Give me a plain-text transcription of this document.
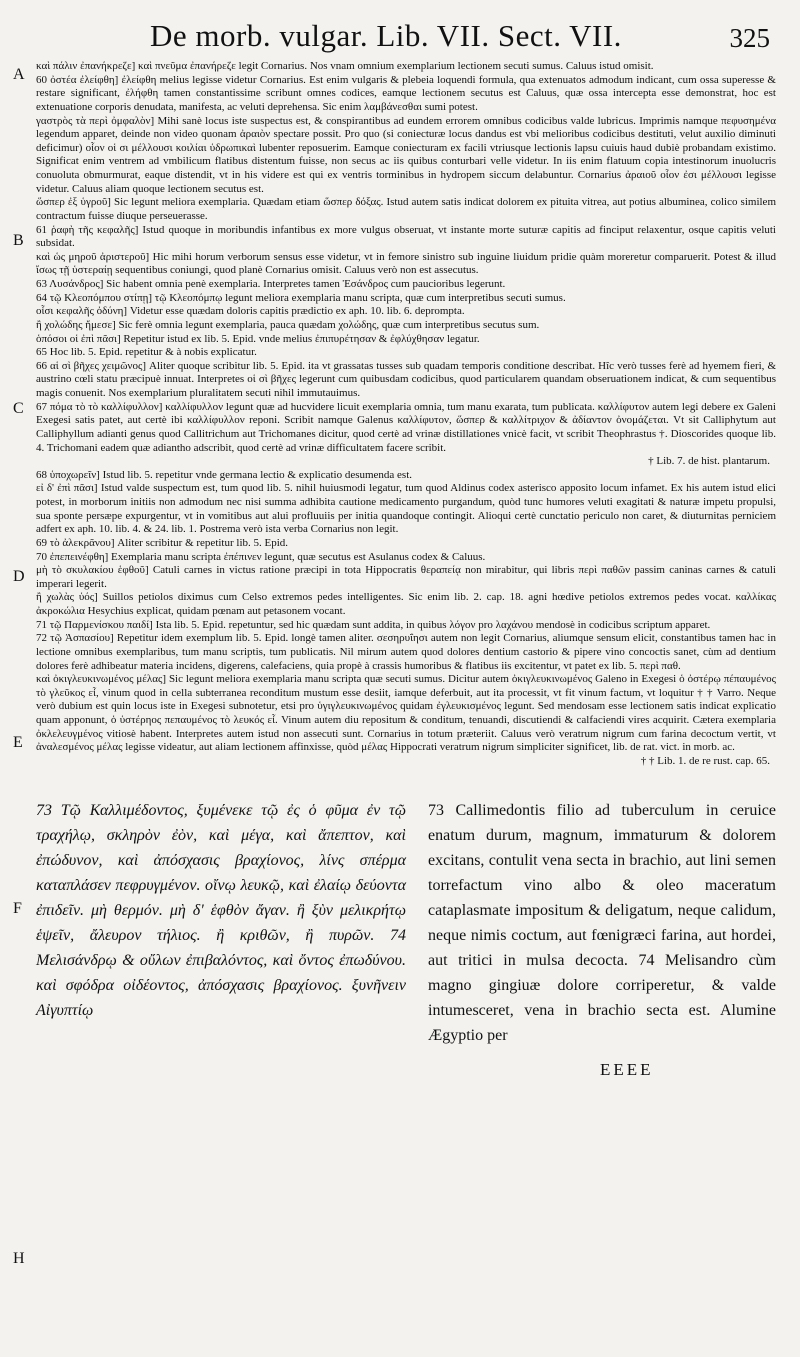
De morb. vulgar. Lib. VII. Sect. VII.	325
A
B
C
D
E
F
H

καὶ πάλιν ἐπανήκρεζε] καὶ πνεῦμα ἐπανήρεζε legit Cornarius. Nos vnam omnium exemplarium lectionem secuti sumus. Caluus istud omisit.

60 ὀστέα ἐλείφθη] ἐλείφθη melius legisse videtur Cornarius. Est enim vulgaris & plebeia loquendi formula, qua extenuatos admodum indicant, cum ossa superesse & restare significant, ἐλήφθη tamen constantissime scribunt omnes codices, eamque lectionem secutus est Caluus, quæ ossa intercepta esse demonstrat, hoc est extenuatione corporis denudata, manifesta, ac veluti deprehensa. Sic enim λαμβάνεσθαι sumi potest.

γαστρὸς τὰ περὶ ὀμφαλὸν] Mihi sanè locus iste suspectus est, & conspirantibus ad eundem errorem omnibus codicibus valde lubricus. Imprimis namque πεφυσημένα legendum apparet, deinde non video quonam ἀραιὸν spectare possit. Pro quo (si coniecturæ locus dandus est vbi melioribus codicibus destituti, velut auxilio diminuti deficimur) οἷον οἱ σι μέλλουσι κοιλίαι ὑδρωπικαὶ lubenter reposuerim. Eamque coniecturam ex facili vtriusque lectionis lapsu cuiuis haud dubiè probandam existimo. Significat enim ventrem ad vmbilicum flatibus distentum fuisse, non secus ac iis quibus conturbari velle videtur. In iis enim flatuum copia intestinorum inuolucris conuoluta obmurmurat, eaque distendit, vt in his videre est qui ex ventris torminibus in hydropem siccum delabuntur. Cornarius ἀραιοῦ οἷον ἐσι μέλλουσι legisse videtur. Caluus aliam quoque lectionem secutus est.

ὥσπερ ἐξ ὑγροῦ] Sic legunt meliora exemplaria. Quædam etiam ὥσπερ δόξας. Istud autem satis indicat dolorem ex pituita vitrea, aut potius albuminea, colico similem contractum fuisse diuque perseuerasse.

61 ῥαφὴ τῆς κεφαλῆς] Istud quoque in moribundis infantibus ex more vulgus obseruat, vt instante morte suturæ capitis ad finciput relaxentur, osque capitis veluti subsidat.

καὶ ὡς μηροῦ ἀριστεροῦ] Hic mihi horum verborum sensus esse videtur, vt in femore sinistro sub inguine liuidum pridie quàm moreretur comparuerit. Potest & illud ἴσως τῇ ὑστεραίῃ sequentibus coniungi, quod planè Cornarius omisit. Caluus verò non est assecutus.

63 Λυσάνδρος] Sic habent omnia penè exemplaria. Interpretes tamen Ἐσάνδρος cum paucioribus legerunt.

64 τῷ Κλεοπόμπου στίπῃ] τῷ Κλεοπόμπῳ legunt meliora exemplaria manu scripta, quæ cum interpretibus secuti sumus.

οἷσι κεφαλῆς ὀδύνη] Videtur esse quædam doloris capitis prædictio ex aph. 10. lib. 6. deprompta.

ἢ χολώδης ἤμεσε] Sic ferè omnia legunt exemplaria, pauca quædam χολώδης, quæ cum interpretibus secutus sum.

ὁπόσοι οἱ ἐπὶ πᾶσι] Repetitur istud ex lib. 5. Epid. vnde melius ἐπιπυρέτησαν & ἐφλύχθησαν legatur.

65 Hoc lib. 5. Epid. repetitur & à nobis explicatur.

66 αἱ σὶ βῆχες χειμῶνος] Aliter quoque scribitur lib. 5. Epid. ita vt grassatas tusses sub quadam temporis conditione describat. Hîc verò tusses ferè ad hyemem fieri, & austrino cœli statu præcipuè innuat. Interpretes οἱ σὶ βῆχες legerunt cum quibusdam codicibus, quod particularem quandam obseruationem indicat, & cum sequentibus magis conuenit. Nos exemplarium pluralitatem secuti nihil immutauimus.

67 πόμα τὸ τὸ καλλίφυλλον] καλλίφυλλον legunt quæ ad hucvidere licuit exemplaria omnia, tum manu exarata, tum publicata. καλλίφυτον autem legi debere ex Galeni Exegesi satis patet, aut certè ibi καλλίφυλλον reponi. Scribit namque Galenus καλλίφυτον, ὥσπερ & καλλίτριχον & ἀδίαντον ὀνομάζεται. Vt sit Calliphytum aut Calliphyllum adianti genus quod Callitrichum aut Trichomanes dicitur, quod certè ad vrinæ distillationes vnicè facit, vt scribit Theophrastus †. Dioscorides quoque lib. 4. Trichomani eadem quæ adiantho adscribit, quod certè ad vrinæ difficultatem facere scribit.

† Lib. 7. de hist. plantarum.

68 ὑποχωρεῖν] Istud lib. 5. repetitur vnde germana lectio & explicatio desumenda est.

εἰ δ' ἐπὶ πᾶσι] Istud valde suspectum est, tum quod lib. 5. nihil huiusmodi legatur, tum quod Aldinus codex asterisco apposito locum infamet. Ex his autem istud elici potest, in morborum initiis non admodum nec nisi summa adhibita cautione medicamento purgandum, quòd tunc humores veluti exagitati & naturæ impetu propulsi, sua sponte persæpe expurgentur, vt in vomitibus aut alui profluuiis per initia quandoque contingit. Alioqui certè cunctatio periculo non caret, & diuturnitas perniciem adfert ex aph. 10. lib. 4. & 24. lib. 1. Postrema verò ista verba Cornarius non legit.

69 τὸ ἀλεκρᾶνου] Aliter scribitur & repetitur lib. 5. Epid.

70 ἐπεπεινέφθη] Exemplaria manu scripta ἐπέπινεν legunt, quæ secutus est Asulanus codex & Caluus.

μὴ τὸ σκυλακίου ἑφθοῦ] Catuli carnes in victus ratione præcipi in tota Hippocratis θεραπείᾳ non mirabitur, qui libris περὶ παθῶν passim caninas carnes & catuli imperari legerit.

ἢ χωλὰς ὑός] Suillos petiolos diximus cum Celso extremos pedes intelligentes. Sic enim lib. 2. cap. 18. agni hœdive petiolos extremos pedes vocat. καλλίκας ἀκροκώλια Hesychius explicat, quidam pœnam aut petasonem vocant.

71 τῷ Παρμενίσκου παιδί] Ista lib. 5. Epid. repetuntur, sed hic quædam sunt addita, in quibus λόγον pro λαχάνου mendosè in codicibus scriptum apparet.

72 τῷ Ἀσπασίου] Repetitur idem exemplum lib. 5. Epid. longè tamen aliter. σεσηρυΐησι autem non legit Cornarius, aliumque sensum elicit, constantibus tamen hac in lectione omnibus exemplaribus, tum manu scriptis, tum publicatis. Nil mirum autem quod dolores dentium castorio & pipere vino concoctis sanet, cùm ad dentium dolores ferè adhibeatur materia incidens, digerens, calefaciens, quia propè à crassis humoribus & flatibus iis excitentur, vt patet ex lib. 5. περὶ παθ.

καὶ ὀκιγλευκινωμένος μέλας] Sic legunt meliora exemplaria manu scripta quæ secuti sumus. Dicitur autem ὀκιγλευκινωμένος Galeno in Exegesi ὁ ὀστέρῳ πέπαυμένος τὸ γλεῦκος εἶ, vinum quod in cella subterranea reconditum mustum esse desiit, iamque deferbuit, aut ita processit, vt fit vinum factum, vt loquitur † † Varro. Neque verò dubium est quin locus iste in Exegesi subnotetur, etsi pro ὑγιγλευκινωμένος quidam ἐγλευκισμένος legunt. Sed mendosam esse lectionem satis indicat explicatio quam apponunt, ὁ ὑστέρηος πεπαυμένος τὸ λευκός εἶ. Vinum autem diu repositum & conditum, tenuandi, discutiendi & calfaciendi vires acquirit. Cætera exemplaria ὀκλελευγμένος vitiosè habent. Interpretes autem istud non assecuti sunt. Cornarius in totum præteriit. Caluus verò veratrum nigrum cum farina decoctum vertit, vt ἀναλεσμένος μέλας legisse videatur, aut aliam lectionem affinxisse, quòd μέλας Hippocrati veratrum nigrum simpliciter significet, lib. de rat. vict. in morb. ac.

† † Lib. 1. de re rust. cap. 65.

73 Τῷ Καλλιμέδοντος, ξυμένεκε τῷ ἐς ὁ φῦμα ἐν τῷ τραχήλῳ, σκληρὸν ἐὸν, καὶ μέγα, καὶ ἄπεπτον, καὶ ἐπώδυνον, καὶ ἀπόσχασις βραχίονος, λίνς σπέρμα καταπλάσεν πεφρυγμένον. οἴνῳ λευκῷ, καὶ ἐλαίῳ δεύοντα ἐπιδεῖν. μὴ θερμόν. μὴ δ' ἑφθὸν ἄγαν. ἢ ξὺν μελικρήτῳ ἑψεῖν, ἄλευρον τήλιος. ἢ κριθῶν, ἢ πυρῶν. 74 Μελισάνδρῳ & οὔλων ἐπιβαλόντος, καὶ ὄντος ἐπωδύνου. καὶ σφόδρα οἰδέοντος, ἀπόσχασις βραχίονος. ξυνῆνειν Αἰγυπτίῳ
73 Callimedontis filio ad tuberculum in ceruice enatum durum, magnum, immaturum & dolorem excitans, contulit vena secta in brachio, aut lini semen torrefactum vino albo & oleo maceratum cataplasmate impositum & deligatum, neque calidum, neque nimis coctum, aut fœnigræci farina, aut hordei, aut tritici in mulsa decocta. 74 Melisandro cùm magno gingiuæ dolore corriperetur, & valde intumesceret, vena in brachio secta est. Alumine Ægyptio per
EEEE
